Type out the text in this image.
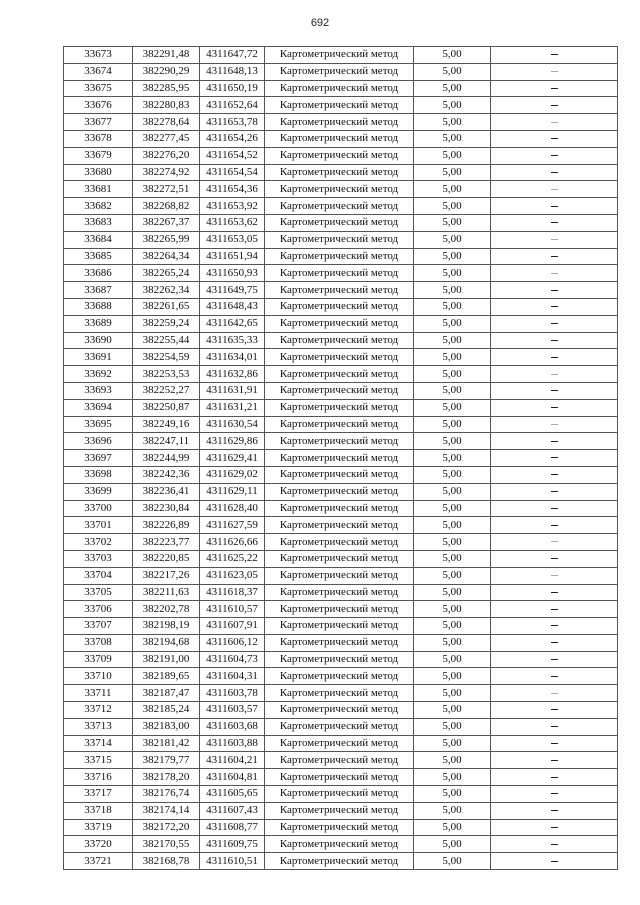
692
33673	382291,48	4311647,72	Картометрический метод	5,00	
33674	382290,29	4311648,13	Картометрический метод	5,00	
33675	382285,95	4311650,19	Картометрический метод	5,00	
33676	382280,83	4311652,64	Картометрический метод	5,00	
33677	382278,64	4311653,78	Картометрический метод	5,00	
33678	382277,45	4311654,26	Картометрический метод	5,00	
33679	382276,20	4311654,52	Картометрический метод	5,00	
33680	382274,92	4311654,54	Картометрический метод	5,00	
33681	382272,51	4311654,36	Картометрический метод	5,00	
33682	382268,82	4311653,92	Картометрический метод	5,00	
33683	382267,37	4311653,62	Картометрический метод	5,00	
33684	382265,99	4311653,05	Картометрический метод	5,00	
33685	382264,34	4311651,94	Картометрический метод	5,00	
33686	382265,24	4311650,93	Картометрический метод	5,00	
33687	382262,34	4311649,75	Картометрический метод	5,00	
33688	382261,65	4311648,43	Картометрический метод	5,00	
33689	382259,24	4311642,65	Картометрический метод	5,00	
33690	382255,44	4311635,33	Картометрический метод	5,00	
33691	382254,59	4311634,01	Картометрический метод	5,00	
33692	382253,53	4311632,86	Картометрический метод	5,00	
33693	382252,27	4311631,91	Картометрический метод	5,00	
33694	382250,87	4311631,21	Картометрический метод	5,00	
33695	382249,16	4311630,54	Картометрический метод	5,00	
33696	382247,11	4311629,86	Картометрический метод	5,00	
33697	382244,99	4311629,41	Картометрический метод	5,00	
33698	382242,36	4311629,02	Картометрический метод	5,00	
33699	382236,41	4311629,11	Картометрический метод	5,00	
33700	382230,84	4311628,40	Картометрический метод	5,00	
33701	382226,89	4311627,59	Картометрический метод	5,00	
33702	382223,77	4311626,66	Картометрический метод	5,00	
33703	382220,85	4311625,22	Картометрический метод	5,00	
33704	382217,26	4311623,05	Картометрический метод	5,00	
33705	382211,63	4311618,37	Картометрический метод	5,00	
33706	382202,78	4311610,57	Картометрический метод	5,00	
33707	382198,19	4311607,91	Картометрический метод	5,00	
33708	382194,68	4311606,12	Картометрический метод	5,00	
33709	382191,00	4311604,73	Картометрический метод	5,00	
33710	382189,65	4311604,31	Картометрический метод	5,00	
33711	382187,47	4311603,78	Картометрический метод	5,00	
33712	382185,24	4311603,57	Картометрический метод	5,00	
33713	382183,00	4311603,68	Картометрический метод	5,00	
33714	382181,42	4311603,88	Картометрический метод	5,00	
33715	382179,77	4311604,21	Картометрический метод	5,00	
33716	382178,20	4311604,81	Картометрический метод	5,00	
33717	382176,74	4311605,65	Картометрический метод	5,00	
33718	382174,14	4311607,43	Картометрический метод	5,00	
33719	382172,20	4311608,77	Картометрический метод	5,00	
33720	382170,55	4311609,75	Картометрический метод	5,00	
33721	382168,78	4311610,51	Картометрический метод	5,00	
